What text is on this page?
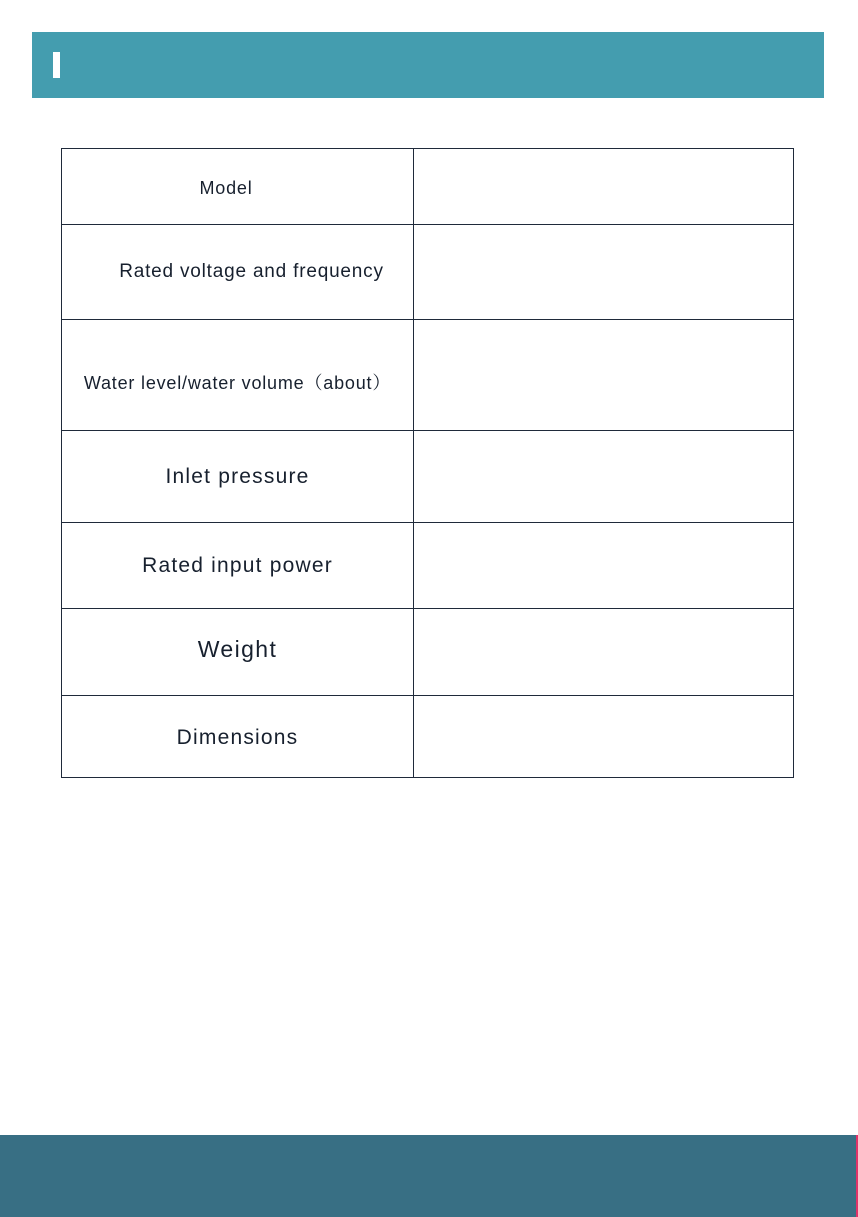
Model	
Rated voltage and frequency	
Water level/water volume（about）	
Inlet pressure	
Rated input power	
Weight	
Dimensions	
